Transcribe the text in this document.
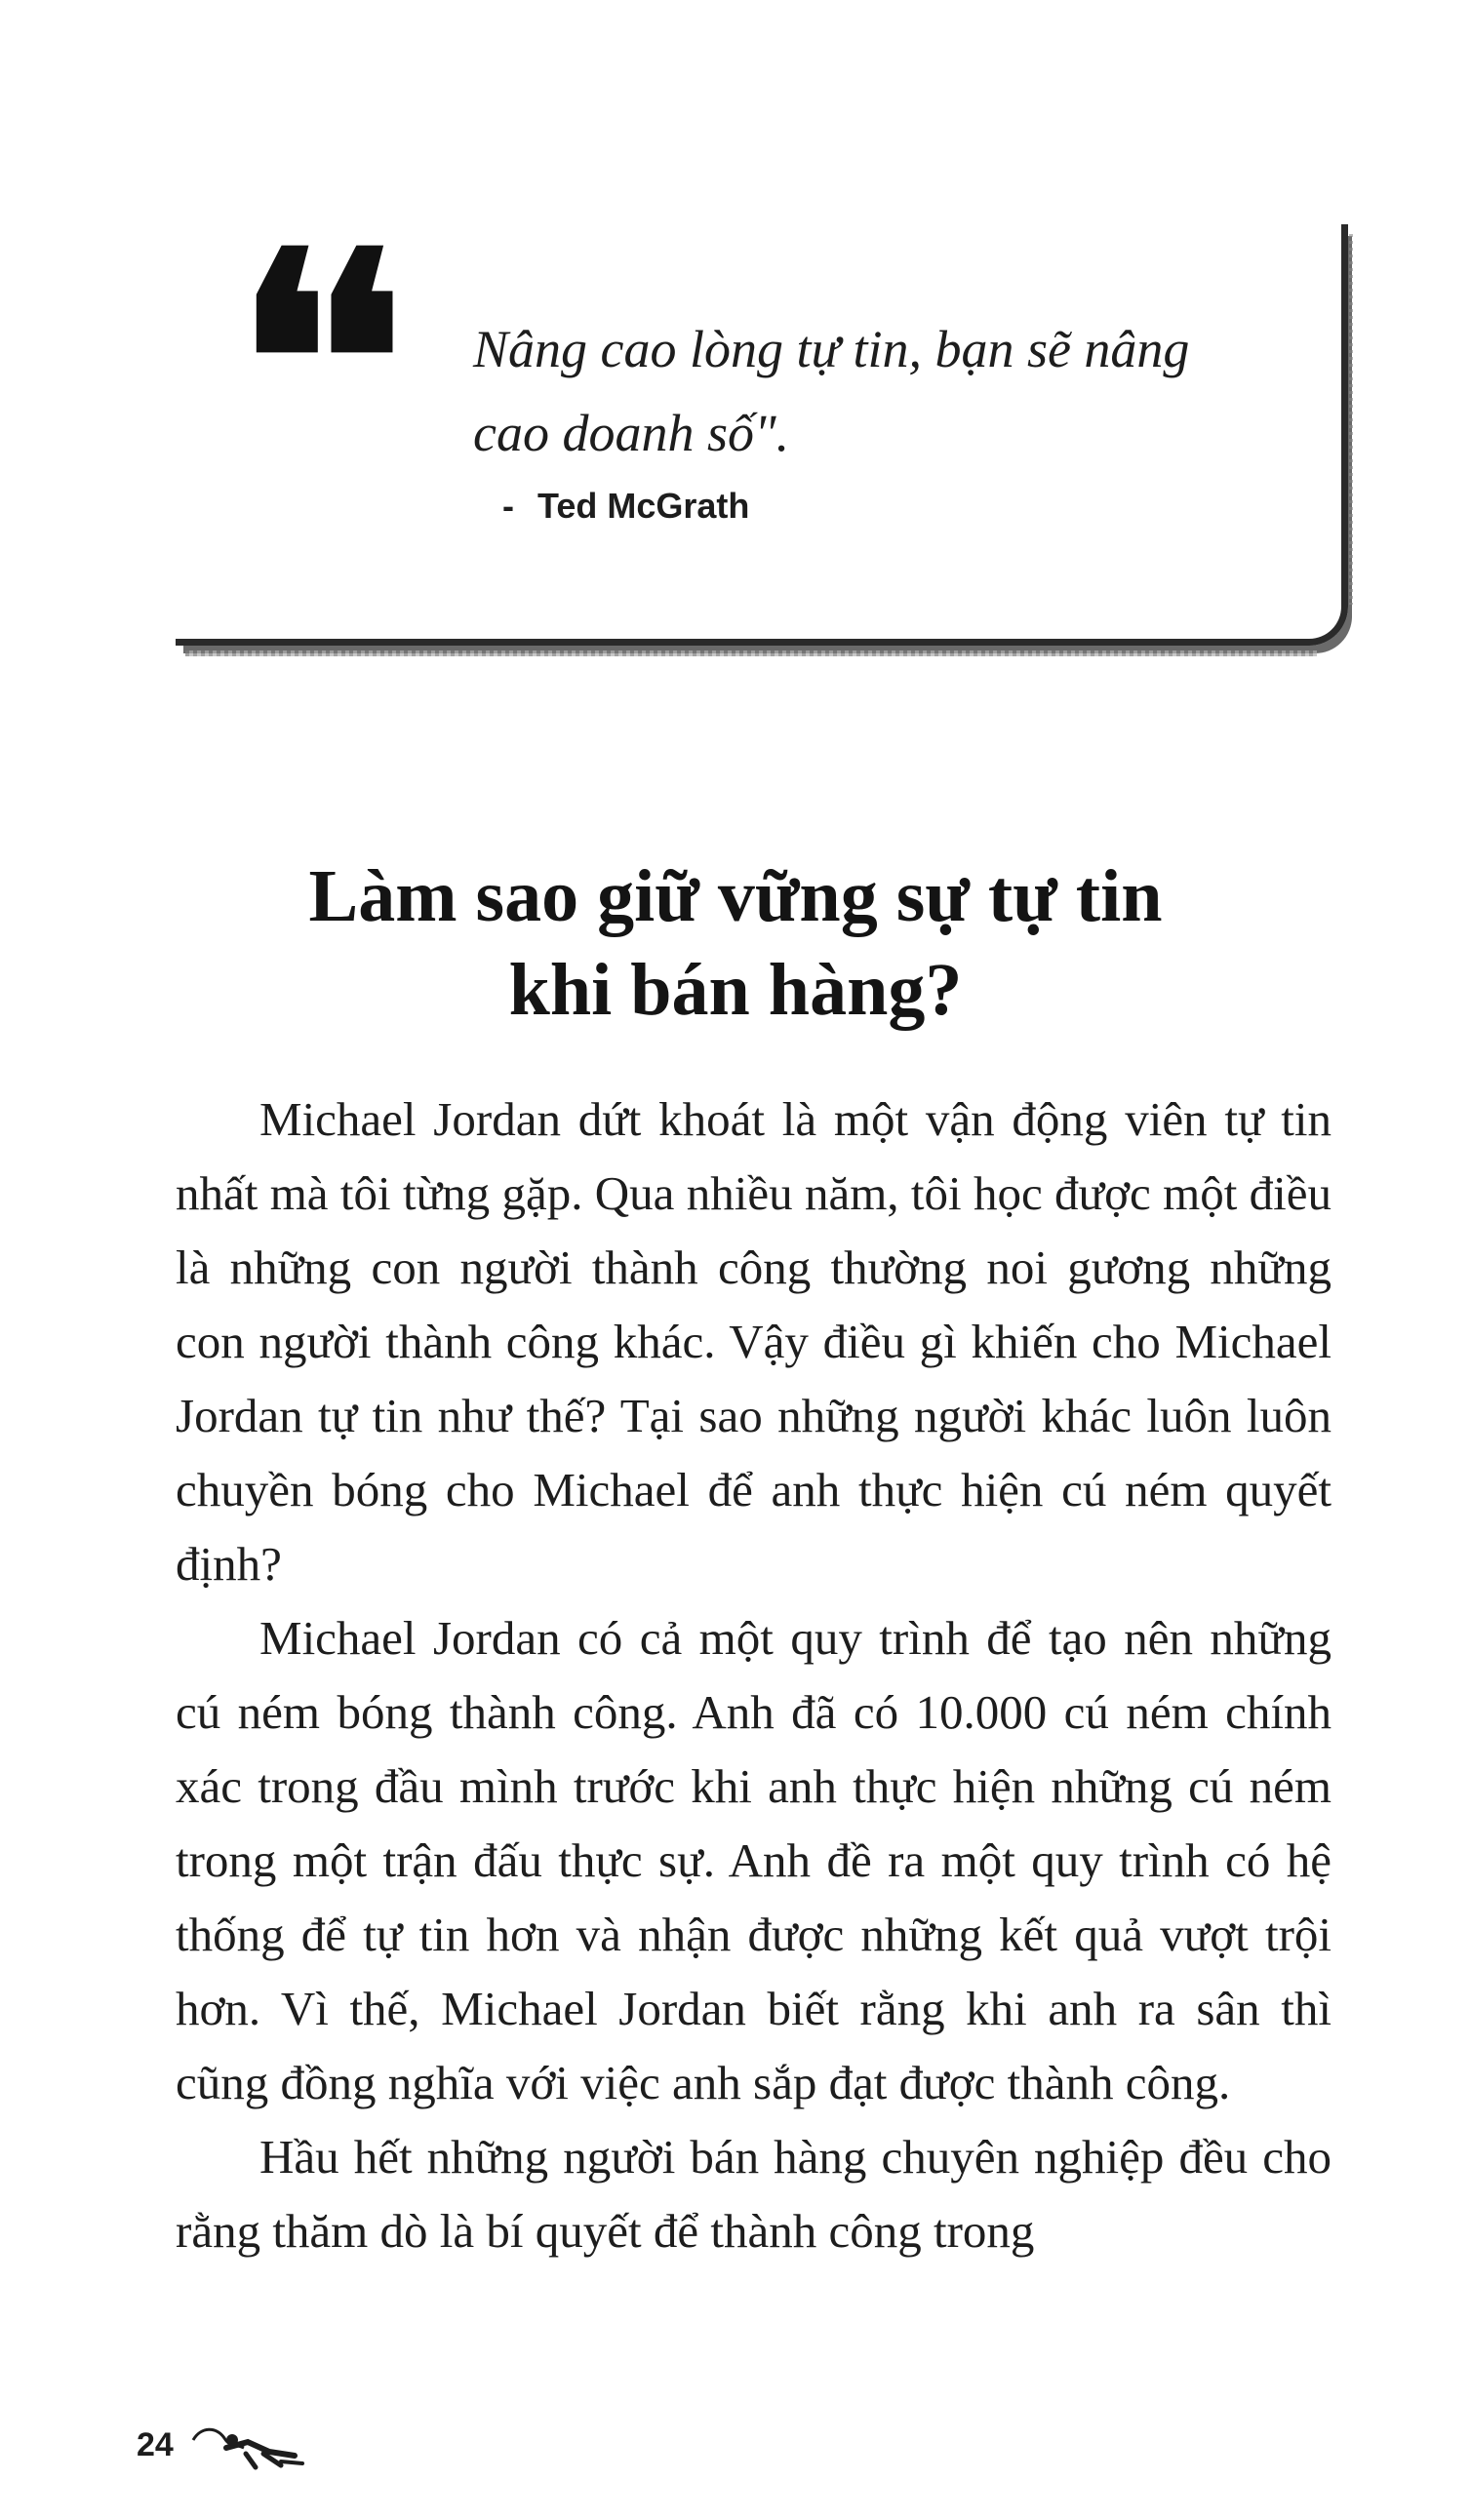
❛❛ Nâng cao lòng tự tin, bạn sẽ nâng cao doanh số".
- Ted McGrath
Làm sao giữ vững sự tự tin
khi bán hàng?

Michael Jordan dứt khoát là một vận động viên tự tin nhất mà tôi từng gặp. Qua nhiều năm, tôi học được một điều là những con người thành công thường noi gương những con người thành công khác. Vậy điều gì khiến cho Michael Jordan tự tin như thế? Tại sao những người khác luôn luôn chuyền bóng cho Michael để anh thực hiện cú ném quyết định?

Michael Jordan có cả một quy trình để tạo nên những cú ném bóng thành công. Anh đã có 10.000 cú ném chính xác trong đầu mình trước khi anh thực hiện những cú ném trong một trận đấu thực sự. Anh đề ra một quy trình có hệ thống để tự tin hơn và nhận được những kết quả vượt trội hơn. Vì thế, Michael Jordan biết rằng khi anh ra sân thì cũng đồng nghĩa với việc anh sắp đạt được thành công.

Hầu hết những người bán hàng chuyên nghiệp đều cho rằng thăm dò là bí quyết để thành công trong

24
